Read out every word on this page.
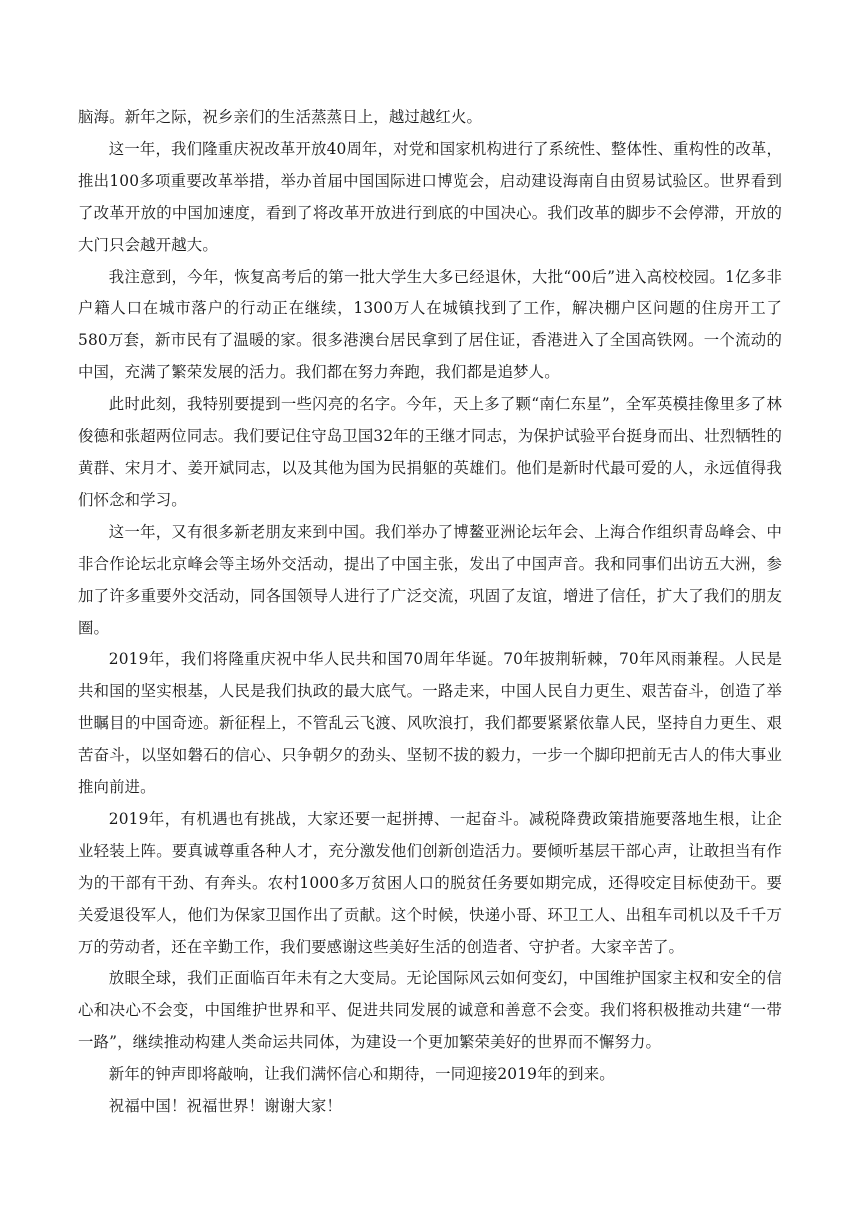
脑海。新年之际，祝乡亲们的生活蒸蒸日上，越过越红火。

这一年，我们隆重庆祝改革开放40周年，对党和国家机构进行了系统性、整体性、重构性的改革，推出100多项重要改革举措，举办首届中国国际进口博览会，启动建设海南自由贸易试验区。世界看到了改革开放的中国加速度，看到了将改革开放进行到底的中国决心。我们改革的脚步不会停滞，开放的大门只会越开越大。

我注意到，今年，恢复高考后的第一批大学生大多已经退休，大批“00后”进入高校校园。1亿多非户籍人口在城市落户的行动正在继续，1300万人在城镇找到了工作，解决棚户区问题的住房开工了580万套，新市民有了温暖的家。很多港澳台居民拿到了居住证，香港进入了全国高铁网。一个流动的中国，充满了繁荣发展的活力。我们都在努力奔跑，我们都是追梦人。

此时此刻，我特别要提到一些闪亮的名字。今年，天上多了颗“南仁东星”，全军英模挂像里多了林俊德和张超两位同志。我们要记住守岛卫国32年的王继才同志，为保护试验平台挺身而出、壮烈牺牲的黄群、宋月才、姜开斌同志，以及其他为国为民捐躯的英雄们。他们是新时代最可爱的人，永远值得我们怀念和学习。

这一年，又有很多新老朋友来到中国。我们举办了博鳌亚洲论坛年会、上海合作组织青岛峰会、中非合作论坛北京峰会等主场外交活动，提出了中国主张，发出了中国声音。我和同事们出访五大洲，参加了许多重要外交活动，同各国领导人进行了广泛交流，巩固了友谊，增进了信任，扩大了我们的朋友圈。

2019年，我们将隆重庆祝中华人民共和国70周年华诞。70年披荆斩棘，70年风雨兼程。人民是共和国的坚实根基，人民是我们执政的最大底气。一路走来，中国人民自力更生、艰苦奋斗，创造了举世瞩目的中国奇迹。新征程上，不管乱云飞渡、风吹浪打，我们都要紧紧依靠人民，坚持自力更生、艰苦奋斗，以坚如磐石的信心、只争朝夕的劲头、坚韧不拔的毅力，一步一个脚印把前无古人的伟大事业推向前进。

2019年，有机遇也有挑战，大家还要一起拼搏、一起奋斗。减税降费政策措施要落地生根，让企业轻装上阵。要真诚尊重各种人才，充分激发他们创新创造活力。要倾听基层干部心声，让敢担当有作为的干部有干劲、有奔头。农村1000多万贫困人口的脱贫任务要如期完成，还得咬定目标使劲干。要关爱退役军人，他们为保家卫国作出了贡献。这个时候，快递小哥、环卫工人、出租车司机以及千千万万的劳动者，还在辛勤工作，我们要感谢这些美好生活的创造者、守护者。大家辛苦了。

放眼全球，我们正面临百年未有之大变局。无论国际风云如何变幻，中国维护国家主权和安全的信心和决心不会变，中国维护世界和平、促进共同发展的诚意和善意不会变。我们将积极推动共建“一带一路”，继续推动构建人类命运共同体，为建设一个更加繁荣美好的世界而不懈努力。

新年的钟声即将敲响，让我们满怀信心和期待，一同迎接2019年的到来。

祝福中国！祝福世界！谢谢大家！
